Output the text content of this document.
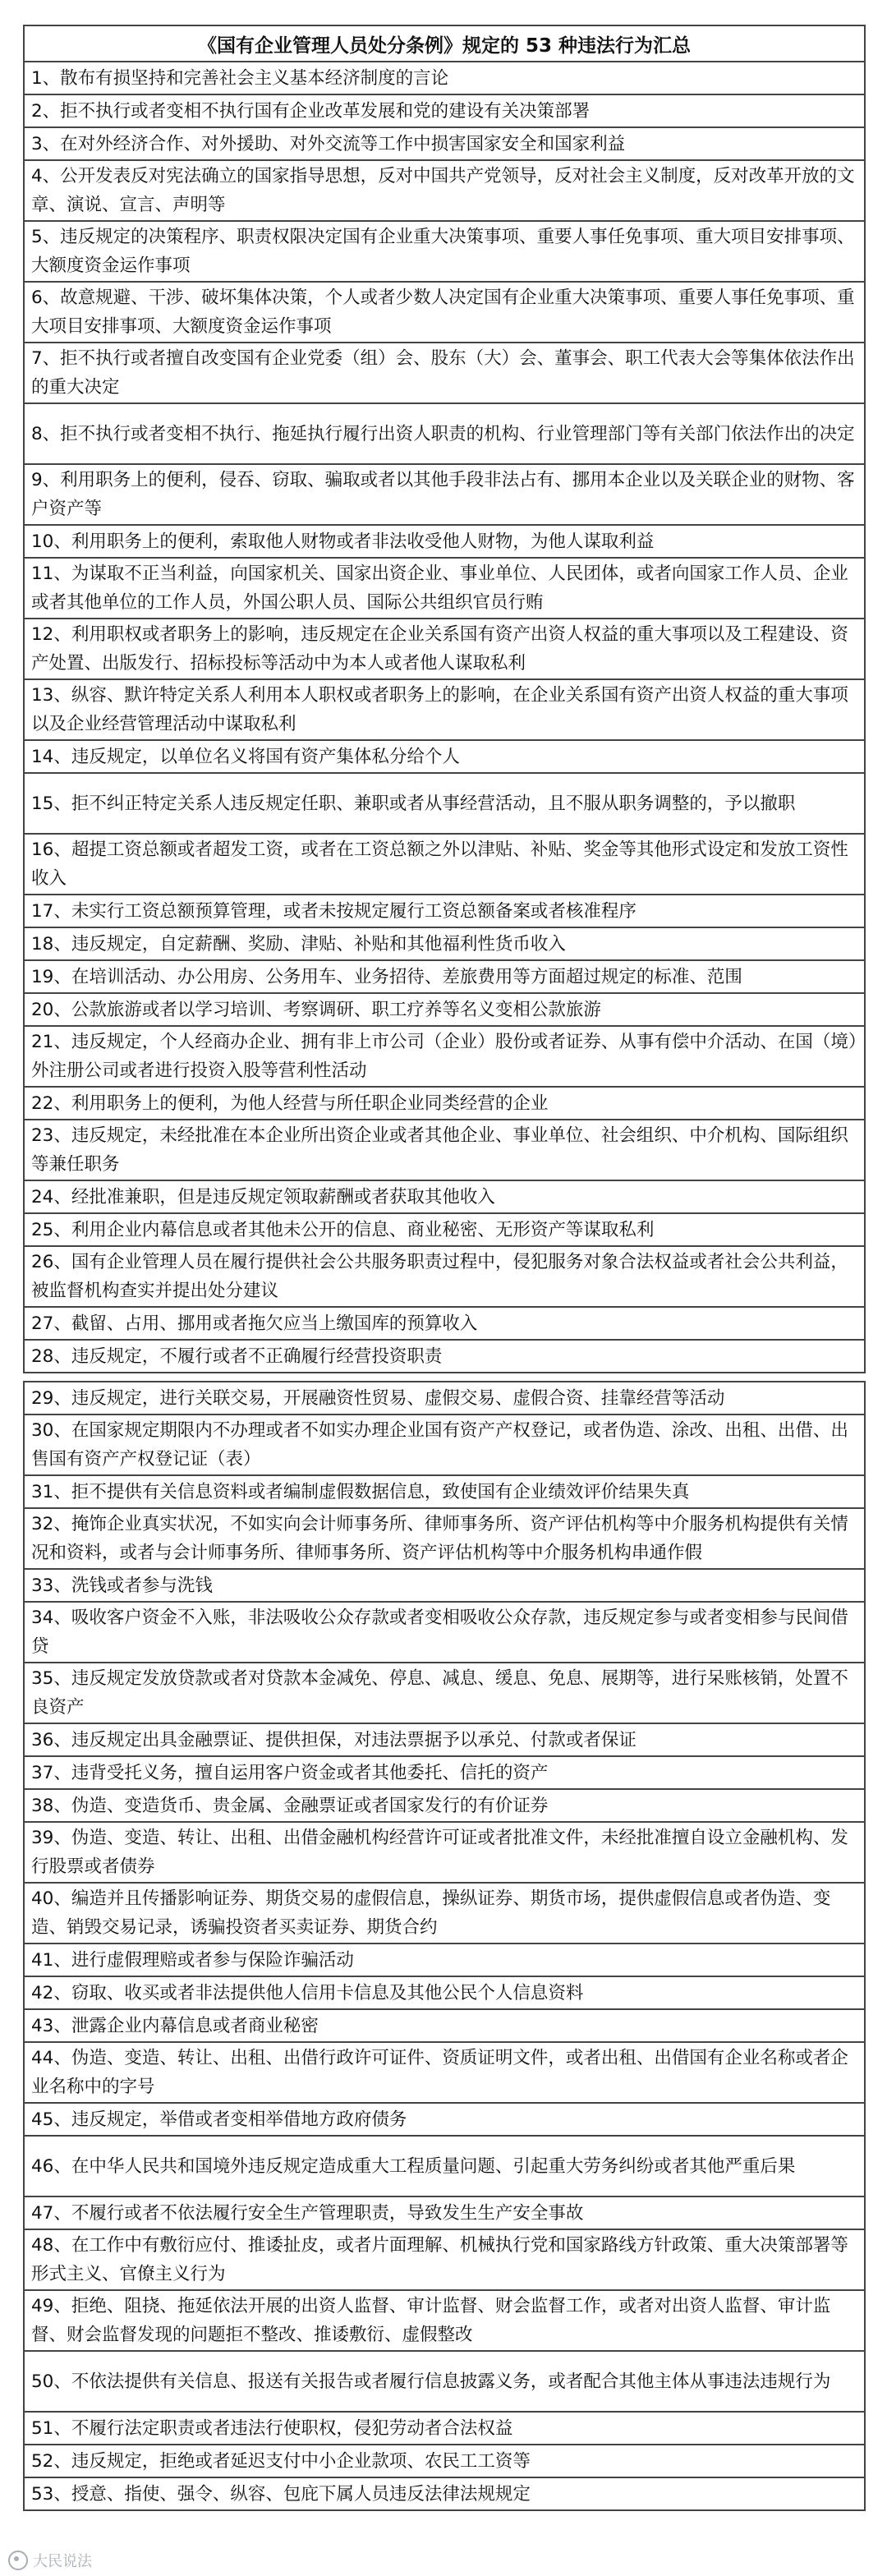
《国有企业管理人员处分条例》规定的 53 种违法行为汇总
1、散布有损坚持和完善社会主义基本经济制度的言论
2、拒不执行或者变相不执行国有企业改革发展和党的建设有关决策部署
3、在对外经济合作、对外援助、对外交流等工作中损害国家安全和国家利益
4、公开发表反对宪法确立的国家指导思想，反对中国共产党领导，反对社会主义制度，反对改革开放的文章、演说、宣言、声明等
5、违反规定的决策程序、职责权限决定国有企业重大决策事项、重要人事任免事项、重大项目安排事项、大额度资金运作事项
6、故意规避、干涉、破坏集体决策，个人或者少数人决定国有企业重大决策事项、重要人事任免事项、重大项目安排事项、大额度资金运作事项
7、拒不执行或者擅自改变国有企业党委（组）会、股东（大）会、董事会、职工代表大会等集体依法作出的重大决定
8、拒不执行或者变相不执行、拖延执行履行出资人职责的机构、行业管理部门等有关部门依法作出的决定
9、利用职务上的便利，侵吞、窃取、骗取或者以其他手段非法占有、挪用本企业以及关联企业的财物、客户资产等
10、利用职务上的便利，索取他人财物或者非法收受他人财物，为他人谋取利益
11、为谋取不正当利益，向国家机关、国家出资企业、事业单位、人民团体，或者向国家工作人员、企业或者其他单位的工作人员，外国公职人员、国际公共组织官员行贿
12、利用职权或者职务上的影响，违反规定在企业关系国有资产出资人权益的重大事项以及工程建设、资产处置、出版发行、招标投标等活动中为本人或者他人谋取私利
13、纵容、默许特定关系人利用本人职权或者职务上的影响，在企业关系国有资产出资人权益的重大事项以及企业经营管理活动中谋取私利
14、违反规定，以单位名义将国有资产集体私分给个人
15、拒不纠正特定关系人违反规定任职、兼职或者从事经营活动，且不服从职务调整的，予以撤职
16、超提工资总额或者超发工资，或者在工资总额之外以津贴、补贴、奖金等其他形式设定和发放工资性收入
17、未实行工资总额预算管理，或者未按规定履行工资总额备案或者核准程序
18、违反规定，自定薪酬、奖励、津贴、补贴和其他福利性货币收入
19、在培训活动、办公用房、公务用车、业务招待、差旅费用等方面超过规定的标准、范围
20、公款旅游或者以学习培训、考察调研、职工疗养等名义变相公款旅游
21、违反规定，个人经商办企业、拥有非上市公司（企业）股份或者证券、从事有偿中介活动、在国（境）外注册公司或者进行投资入股等营利性活动
22、利用职务上的便利，为他人经营与所任职企业同类经营的企业
23、违反规定，未经批准在本企业所出资企业或者其他企业、事业单位、社会组织、中介机构、国际组织等兼任职务
24、经批准兼职，但是违反规定领取薪酬或者获取其他收入
25、利用企业内幕信息或者其他未公开的信息、商业秘密、无形资产等谋取私利
26、国有企业管理人员在履行提供社会公共服务职责过程中，侵犯服务对象合法权益或者社会公共利益，被监督机构查实并提出处分建议
27、截留、占用、挪用或者拖欠应当上缴国库的预算收入
28、违反规定，不履行或者不正确履行经营投资职责
29、违反规定，进行关联交易，开展融资性贸易、虚假交易、虚假合资、挂靠经营等活动
30、在国家规定期限内不办理或者不如实办理企业国有资产产权登记，或者伪造、涂改、出租、出借、出售国有资产产权登记证（表）
31、拒不提供有关信息资料或者编制虚假数据信息，致使国有企业绩效评价结果失真
32、掩饰企业真实状况，不如实向会计师事务所、律师事务所、资产评估机构等中介服务机构提供有关情况和资料，或者与会计师事务所、律师事务所、资产评估机构等中介服务机构串通作假
33、洗钱或者参与洗钱
34、吸收客户资金不入账，非法吸收公众存款或者变相吸收公众存款，违反规定参与或者变相参与民间借贷
35、违反规定发放贷款或者对贷款本金减免、停息、减息、缓息、免息、展期等，进行呆账核销，处置不良资产
36、违反规定出具金融票证、提供担保，对违法票据予以承兑、付款或者保证
37、违背受托义务，擅自运用客户资金或者其他委托、信托的资产
38、伪造、变造货币、贵金属、金融票证或者国家发行的有价证券
39、伪造、变造、转让、出租、出借金融机构经营许可证或者批准文件，未经批准擅自设立金融机构、发行股票或者债券
40、编造并且传播影响证券、期货交易的虚假信息，操纵证券、期货市场，提供虚假信息或者伪造、变造、销毁交易记录，诱骗投资者买卖证券、期货合约
41、进行虚假理赔或者参与保险诈骗活动
42、窃取、收买或者非法提供他人信用卡信息及其他公民个人信息资料
43、泄露企业内幕信息或者商业秘密
44、伪造、变造、转让、出租、出借行政许可证件、资质证明文件，或者出租、出借国有企业名称或者企业名称中的字号
45、违反规定，举借或者变相举借地方政府债务
46、在中华人民共和国境外违反规定造成重大工程质量问题、引起重大劳务纠纷或者其他严重后果
47、不履行或者不依法履行安全生产管理职责，导致发生生产安全事故
48、在工作中有敷衍应付、推诿扯皮，或者片面理解、机械执行党和国家路线方针政策、重大决策部署等形式主义、官僚主义行为
49、拒绝、阻挠、拖延依法开展的出资人监督、审计监督、财会监督工作，或者对出资人监督、审计监督、财会监督发现的问题拒不整改、推诿敷衍、虚假整改
50、不依法提供有关信息、报送有关报告或者履行信息披露义务，或者配合其他主体从事违法违规行为
51、不履行法定职责或者违法行使职权，侵犯劳动者合法权益
52、违反规定，拒绝或者延迟支付中小企业款项、农民工工资等
53、授意、指使、强令、纵容、包庇下属人员违反法律法规规定
大民说法
